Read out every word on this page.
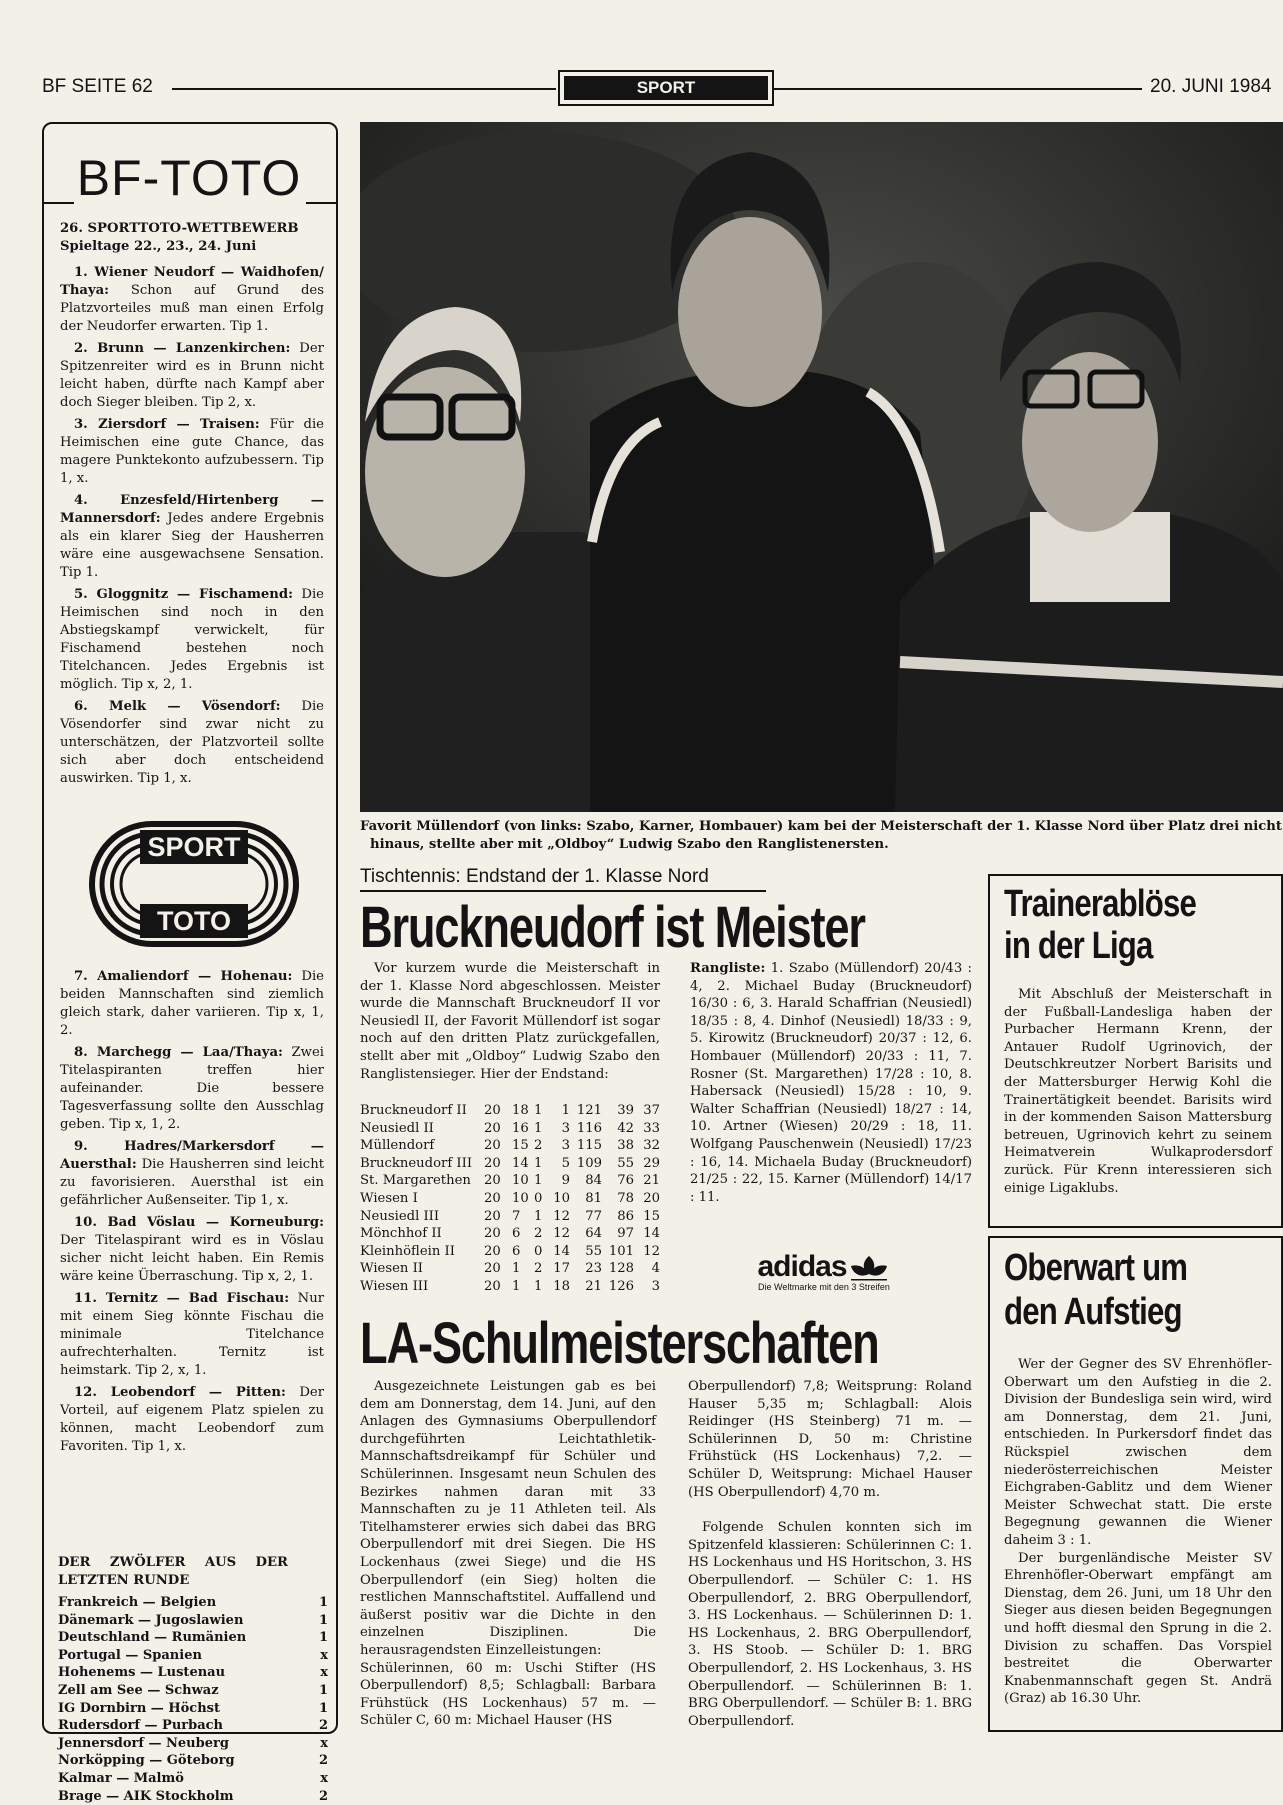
BF SEITE 62	SPORT	20. JUNI 1984
BF-TOTO
26. SPORTTOTO-WETTBEWERB
Spieltage 22., 23., 24. Juni

1. Wiener Neudorf — Waidhofen/ Thaya: Schon auf Grund des Platzvorteiles muß man einen Erfolg der Neudorfer erwarten. Tip 1.

2. Brunn — Lanzenkirchen: Der Spitzenreiter wird es in Brunn nicht leicht haben, dürfte nach Kampf aber doch Sieger bleiben. Tip 2, x.

3. Ziersdorf — Traisen: Für die Heimischen eine gute Chance, das magere Punktekonto aufzubessern. Tip 1, x.

4. Enzesfeld/Hirtenberg — Mannersdorf: Jedes andere Ergebnis als ein klarer Sieg der Hausherren wäre eine ausgewachsene Sensation. Tip 1.

5. Gloggnitz — Fischamend: Die Heimischen sind noch in den Abstiegskampf verwickelt, für Fischamend bestehen noch Titelchancen. Jedes Ergebnis ist möglich. Tip x, 2, 1.

6. Melk — Vösendorf: Die Vösendorfer sind zwar nicht zu unterschätzen, der Platzvorteil sollte sich aber doch entscheidend auswirken. Tip 1, x.

SPORT
TOTO

7. Amaliendorf — Hohenau: Die beiden Mannschaften sind ziemlich gleich stark, daher variieren. Tip x, 1, 2.

8. Marchegg — Laa/Thaya: Zwei Titelaspiranten treffen hier aufeinander. Die bessere Tagesverfassung sollte den Ausschlag geben. Tip x, 1, 2.

9. Hadres/Markersdorf — Auersthal: Die Hausherren sind leicht zu favorisieren. Auersthal ist ein gefährlicher Außenseiter. Tip 1, x.

10. Bad Vöslau — Korneuburg: Der Titelaspirant wird es in Vöslau sicher nicht leicht haben. Ein Remis wäre keine Überraschung. Tip x, 2, 1.

11. Ternitz — Bad Fischau: Nur mit einem Sieg könnte Fischau die minimale Titelchance aufrechterhalten. Ternitz ist heimstark. Tip 2, x, 1.

12. Leobendorf — Pitten: Der Vorteil, auf eigenem Platz spielen zu können, macht Leobendorf zum Favoriten. Tip 1, x.

DER ZWÖLFER AUS DER LETZTEN RUNDE
Frankreich — Belgien	1
Dänemark — Jugoslawien	1
Deutschland — Rumänien	1
Portugal — Spanien	x
Hohenems — Lustenau	x
Zell am See — Schwaz	1
IG Dornbirn — Höchst	1
Rudersdorf — Purbach	2
Jennersdorf — Neuberg	x
Norköpping — Göteborg	2
Kalmar — Malmö	x
Brage — AIK Stockholm	2
Favorit Müllendorf (von links: Szabo, Karner, Hombauer) kam bei der Meisterschaft der 1. Klasse Nord über Platz drei nicht
hinaus, stellte aber mit „Oldboy“ Ludwig Szabo den Ranglistenersten.
Tischtennis: Endstand der 1. Klasse Nord
Bruckneudorf ist Meister
Vor kurzem wurde die Meisterschaft in der 1. Klasse Nord abgeschlossen. Meister wurde die Mannschaft Bruckneudorf II vor Neusiedl II, der Favorit Müllendorf ist sogar noch auf den dritten Platz zurückgefallen, stellt aber mit „Oldboy“ Ludwig Szabo den Ranglistensieger. Hier der Endstand:
Bruckneudorf II	20 18 1	1 121	39 37
Neusiedl II	20 16 1	3 116	42 33
Müllendorf	20 15 2	3 115	38 32
Bruckneudorf III 20 14 1	5 109	55 29
St. Margarethen 20 10 1	9	84	76 21
Wiesen I	20 10 0 10	81	78 20
Neusiedl III	20 7	1 12	77	86 15
Mönchhof II	20 6	2 12	64	97 14
Kleinhöflein II	20 6	0 14	55 101 12
Wiesen II	20 1	2 17	23 128	4
Wiesen III	20 1	1 18	21 126	3
Rangliste: 1. Szabo (Müllendorf) 20/43 : 4, 2. Michael Buday (Bruckneudorf) 16/30 : 6, 3. Harald Schaffrian (Neusiedl) 18/35 : 8, 4. Dinhof (Neusiedl) 18/33 : 9, 5. Kirowitz (Bruckneudorf) 20/37 : 12, 6. Hombauer (Müllendorf) 20/33 : 11, 7. Rosner (St. Margarethen) 17/28 : 10, 8. Habersack (Neusiedl) 15/28 : 10, 9. Walter Schaffrian (Neusiedl) 18/27 : 14, 10. Artner (Wiesen) 20/29 : 18, 11. Wolfgang Pauschenwein (Neusiedl) 17/23 : 16, 14. Michaela Buday (Bruckneudorf) 21/25 : 22, 15. Karner (Müllendorf) 14/17 : 11.
adidas
Die Weltmarke mit den 3 Streifen
LA-Schulmeisterschaften
Ausgezeichnete Leistungen gab es bei dem am Donnerstag, dem 14. Juni, auf den Anlagen des Gymnasiums Oberpullendorf durchgeführten Leichtathletik-Mannschaftsdreikampf für Schüler und Schülerinnen. Insgesamt neun Schulen des Bezirkes nahmen daran mit 33 Mannschaften zu je 11 Athleten teil. Als Titelhamsterer erwies sich dabei das BRG Oberpullendorf mit drei Siegen. Die HS Lockenhaus (zwei Siege) und die HS Oberpullendorf (ein Sieg) holten die restlichen Mannschaftstitel. Auffallend und äußerst positiv war die Dichte in den einzelnen Disziplinen. Die herausragendsten Einzelleistungen:
Schülerinnen, 60 m: Uschi Stifter (HS Oberpullendorf) 8,5; Schlagball: Barbara Frühstück (HS Lockenhaus) 57 m. — Schüler C, 60 m: Michael Hauser (HS
Oberpullendorf) 7,8; Weitsprung: Roland Hauser 5,35 m; Schlagball: Alois Reidinger (HS Steinberg) 71 m. — Schülerinnen D, 50 m: Christine Frühstück (HS Lockenhaus) 7,2. — Schüler D, Weitsprung: Michael Hauser (HS Oberpullendorf) 4,70 m.
Folgende Schulen konnten sich im Spitzenfeld klassieren: Schülerinnen C: 1. HS Lockenhaus und HS Horitschon, 3. HS Oberpullendorf. — Schüler C: 1. HS Oberpullendorf, 2. BRG Oberpullendorf, 3. HS Lockenhaus. — Schülerinnen D: 1. HS Lockenhaus, 2. BRG Oberpullendorf, 3. HS Stoob. — Schüler D: 1. BRG Oberpullendorf, 2. HS Lockenhaus, 3. HS Oberpullendorf. — Schülerinnen B: 1. BRG Oberpullendorf. — Schüler B: 1. BRG Oberpullendorf.
Trainerablöse
in der Liga
Mit Abschluß der Meisterschaft in der Fußball-Landesliga haben der Purbacher Hermann Krenn, der Antauer Rudolf Ugrinovich, der Deutschkreutzer Norbert Barisits und der Mattersburger Herwig Kohl die Trainertätigkeit beendet. Barisits wird in der kommenden Saison Mattersburg betreuen, Ugrinovich kehrt zu seinem Heimatverein Wulkaprodersdorf zurück. Für Krenn interessieren sich einige Ligaklubs.
Oberwart um
den Aufstieg
Wer der Gegner des SV Ehrenhöfler-Oberwart um den Aufstieg in die 2. Division der Bundesliga sein wird, wird am Donnerstag, dem 21. Juni, entschieden. In Purkersdorf findet das Rückspiel zwischen dem niederösterreichischen Meister Eichgraben-Gablitz und dem Wiener Meister Schwechat statt. Die erste Begegnung gewannen die Wiener daheim 3 : 1.
Der burgenländische Meister SV Ehrenhöfler-Oberwart empfängt am Dienstag, dem 26. Juni, um 18 Uhr den Sieger aus diesen beiden Begegnungen und hofft diesmal den Sprung in die 2. Division zu schaffen. Das Vorspiel bestreitet die Oberwarter Knabenmannschaft gegen St. Andrä (Graz) ab 16.30 Uhr.
